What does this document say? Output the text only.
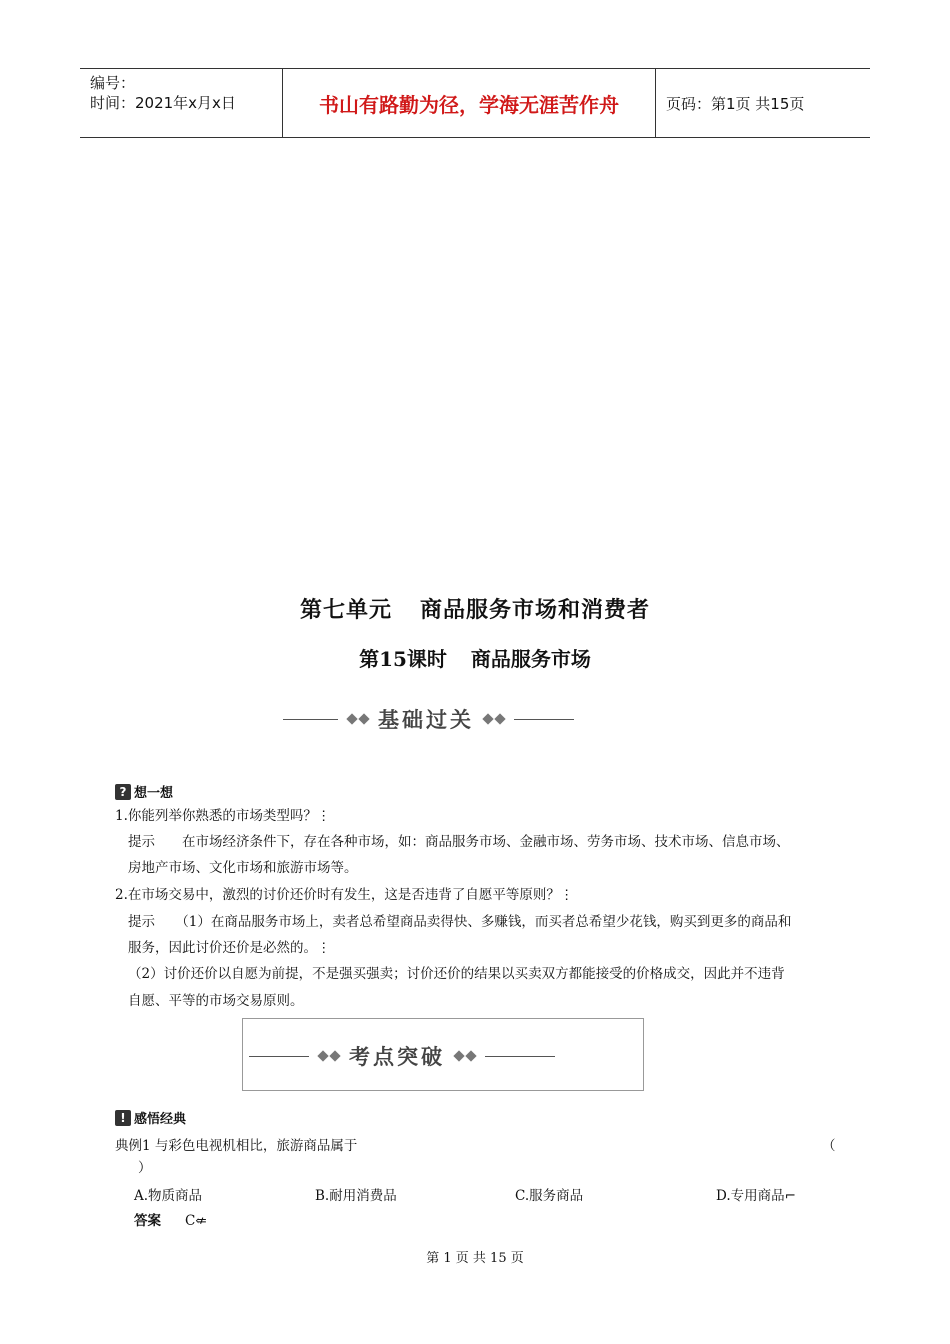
编号：
时间：2021年x月x日	书山有路勤为径，学海无涯苦作舟	页码：第1页 共15页
第七单元 商品服务市场和消费者
第15课时 商品服务市场
基础过关
? 想一想
1.你能列举你熟悉的市场类型吗？⋮
提示　　在市场经济条件下，存在各种市场，如：商品服务市场、金融市场、劳务市场、技术市场、信息市场、
房地产市场、文化市场和旅游市场等。
2.在市场交易中，激烈的讨价还价时有发生，这是否违背了自愿平等原则？⋮
提示　　（1）在商品服务市场上，卖者总希望商品卖得快、多赚钱，而买者总希望少花钱，购买到更多的商品和
服务，因此讨价还价是必然的。⋮
（2）讨价还价以自愿为前提，不是强买强卖；讨价还价的结果以买卖双方都能接受的价格成交，因此并不违背
自愿、平等的市场交易原则。
考点突破
! 感悟经典
典例1 与彩色电视机相比，旅游商品属于	（
）
A.物质商品	B.耐用消费品	C.服务商品	D.专用商品⌐
答案 C⇍
第 1 页 共 15 页
